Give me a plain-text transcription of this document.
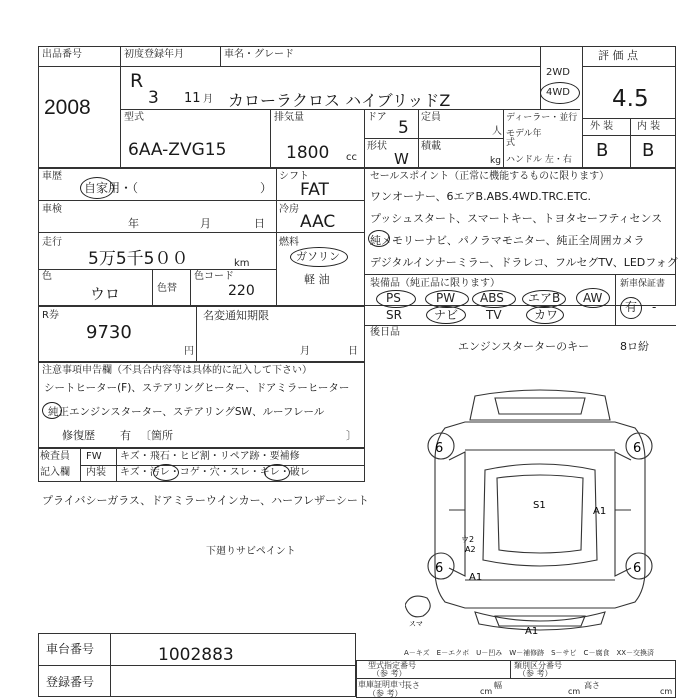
出品番号
2008
初度登録年月
R
3 11 月
車名・グレード
カローラクロス ハイブリッドZ
2WD
4WD
評 価 点
4.5
型式
6AA-ZVG15
排気量
1800 cc
ドア
5
形状
W
定員
人
積載
kg
ディーラー・並行
モデル年式
ハンドル 左・右
外 装 内 装
B B
車歴
自家用・（	）
車検
年	月	日
走行
5万5千5００	km
色
ウロ	色替
色コード
220
シフト
FAT
冷房
AAC
燃料
ガソリン
軽 油
セールスポイント（正常に機能するものに限ります）
ワンオーナー、6エアB.ABS.4WD.TRC.ETC.
プッシュスタート、スマートキー、トヨタセーフティセンス
純メモリーナビ、パノラマモニター、純正全周囲カメラ
デジタルインナーミラー、ドラレコ、フルセグTV、LEDフォグ
装備品（純正品に限ります）	新車保証書
PS	PW ABS エアB AW
SR	ナビ TV	カワ
有 -
R券
9730
円
名変通知期限
月	日
後日品
エンジンスターターのキー	8ロ紛
注意事項申告欄（不具合内容等は具体的に記入して下さい）
シートヒーター(F)、ステアリングヒーター、ドアミラーヒーター
純正エンジンスターター、ステアリングSW、ルーフレール
修復歴 有 〔箇所	〕
検査員
記入欄
FW キズ・飛石・ヒビ割・リペア跡・要補修
内装 キズ・汚レ・コゲ・穴・スレ・キレ・破レ
プライバシーガラス、ドアミラーウインカー、ハーフレザーシート
下廻りサビペイント
6	6
6	6
S1
A1
A1
A1
ウ2
A2
スマ
A－キズ　E－エクボ　U－凹み　W－補修跡　S－サビ　C－腐食　XX－交換済
車台番号	1002883
登録番号
型式指定番号
（参 考）
類別区分番号
（参 考）
車庫証明車寸
（参 考）
長さ
cm
幅
cm
高さ
cm
